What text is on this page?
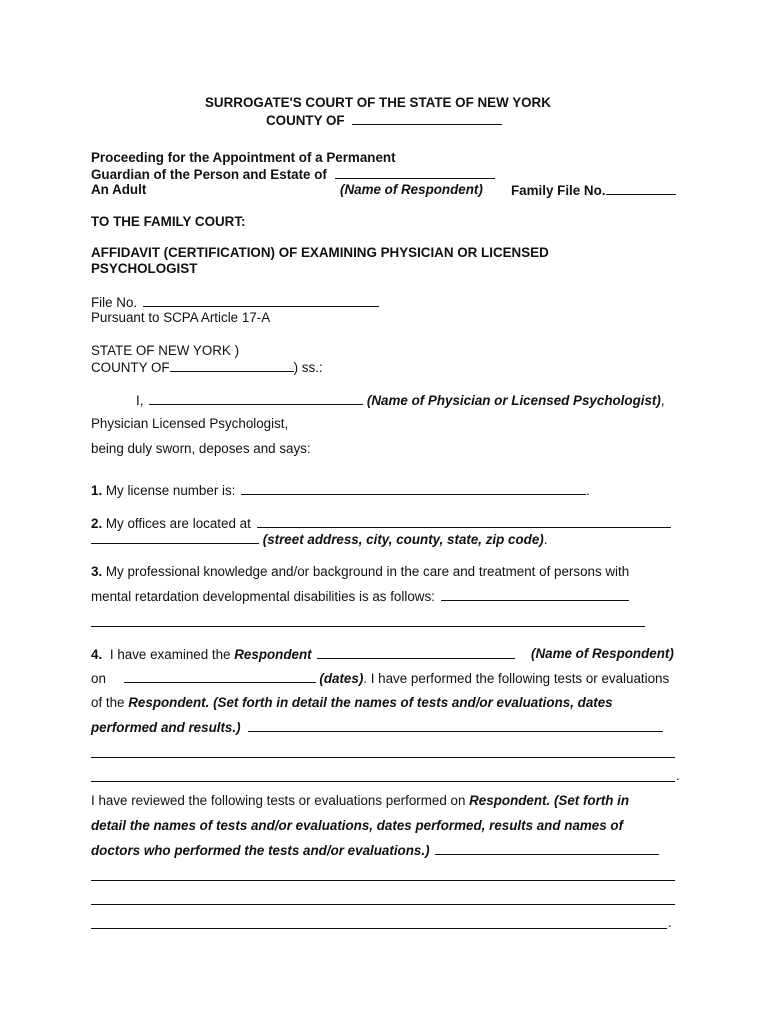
SURROGATE'S COURT OF THE STATE OF NEW YORK
COUNTY OF
Proceeding for the Appointment of a Permanent
Guardian of the Person and Estate of
An Adult	(Name of Respondent) Family File No.
TO THE FAMILY COURT:
AFFIDAVIT (CERTIFICATION) OF EXAMINING PHYSICIAN OR LICENSED
PSYCHOLOGIST
File No.
Pursuant to SCPA Article 17-A
STATE OF NEW YORK )
COUNTY OF	) ss.:
I,	(Name of Physician or Licensed Psychologist),
Physician Licensed Psychologist,
being duly sworn, deposes and says:
1. My license number is:	.
2. My offices are located at
(street address, city, county, state, zip code).
3. My professional knowledge and/or background in the care and treatment of persons with
mental retardation developmental disabilities is as follows:
4. I have examined the Respondent	(Name of Respondent)
on	(dates). I have performed the following tests or evaluations
of the Respondent. (Set forth in detail the names of tests and/or evaluations, dates
performed and results.)
.
I have reviewed the following tests or evaluations performed on Respondent. (Set forth in
detail the names of tests and/or evaluations, dates performed, results and names of
doctors who performed the tests and/or evaluations.)
.
